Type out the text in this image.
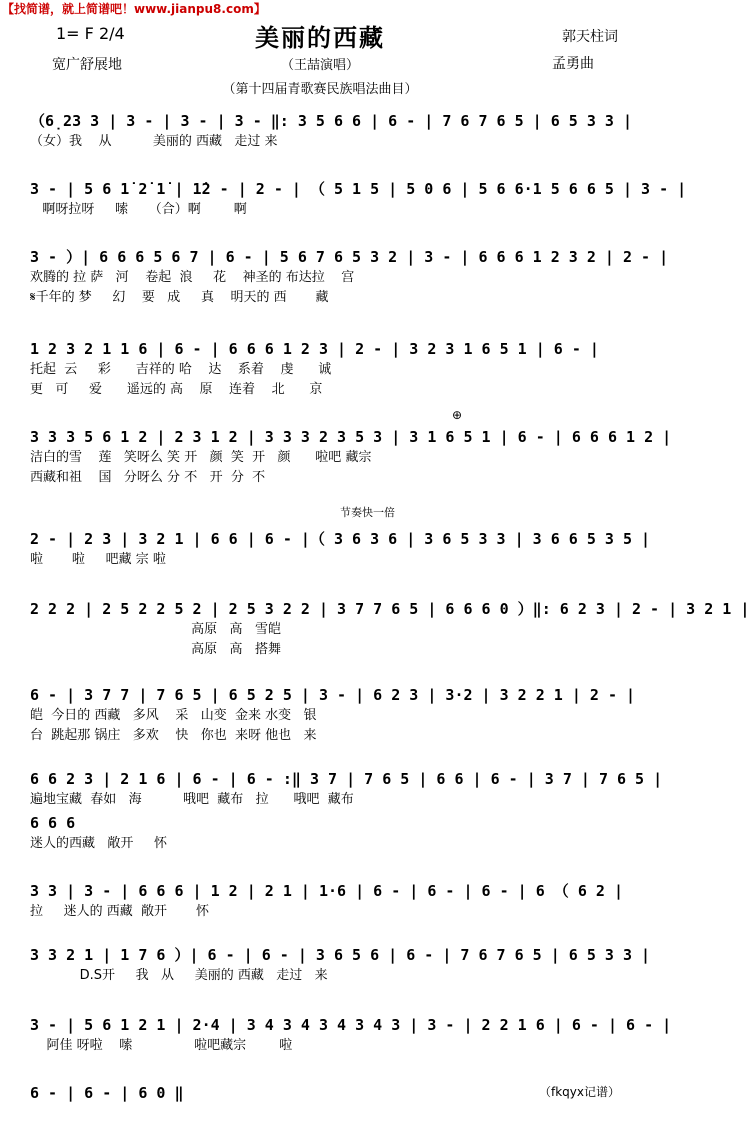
【找简谱，就上简谱吧！www.jianpu8.com】
美丽的西藏
1= F 2/4
宽广舒展地
郭天柱词
孟勇曲
（王喆演唱）
（第十四届青歌赛民族唱法曲目）
（6̣23 3 | 3 - | 3 - | 3 - ‖: 3 5 6 6 | 6 - | 7 6 7 6 5 | 6 5 3 3 |
（女）我    从          美丽的 西藏   走过 来
3 - | 5 6 1̇ 2̇ 1̇ | 1̇2 - | 2 - | （ 5 1 5 | 5 0 6 | 5 6 6·1 5 6 6 5 | 3 - |
啊呀拉呀     嗦     （合）啊        啊
3 - ）| 6 6 6 5 6 7 | 6 - | 5 6 7 6 5 3 2 | 3 - | 6 6 6 1 2 3 2 | 2 - |
欢腾的 拉 萨   河    卷起  浪     花    神圣的 布达拉    宫
𝄋千年的 梦     幻    要   成     真    明天的 西       藏
1 2 3 2 1 1 6 | 6 - | 6 6 6 1 2 3 | 2 - | 3 2 3 1 6 5 1 | 6 - |
托起  云     彩      吉祥的 哈    达    系着    虔      诚
更   可     爱      遥远的 高    原    连着    北      京
⊕
3 3 3 5 6 1 2 | 2 3 1 2 | 3 3 3 2 3 5 3 | 3 1 6 5 1 | 6 - | 6 6 6 1 2 |
洁白的雪    莲   笑呀么 笑 开   颜  笑  开   颜      啦吧 藏宗
西藏和祖    国   分呀么 分 不   开  分  不
节奏快一倍
2 - | 2 3 | 3 2 1 | 6 6 | 6 - |（ 3 6 3 6 | 3 6 5 3 3 | 3 6 6 5 3 5 |
啦       啦     吧藏 宗 啦
2 2 2 | 2 5 2 2 5 2 | 2 5 3 2 2 | 3 7 7 6 5 | 6 6 6 0 ）‖: 6 2 3 | 2 - | 3 2 1 |
高原   高   雪皑
高原   高   搭舞
6 - | 3 7 7 | 7 6 5 | 6 5 2 5 | 3 - | 6 2 3 | 3·2 | 3 2 2 1 | 2 - |
皑  今日的 西藏   多风    采   山变  金来 水变   银
台  跳起那 锅庄   多欢    快   你也  来呀 他也   来
6 6 2 3 | 2 1 6 | 6 - | 6 - :‖ 3 7 | 7 6 5 | 6 6 | 6 - | 3 7 | 7 6 5 |
遍地宝藏  春如   海          哦吧  藏布   拉      哦吧  藏布
6 6 6
迷人的西藏   敞开     怀
3 3 | 3 - | 6 6 6 | 1 2 | 2 1 | 1·6 | 6 - | 6 - | 6 - | 6 （ 6 2 |
拉     迷人的 西藏  敞开       怀
3 3 2 1 | 1 7 6 ）| 6 - | 6 - | 3 6 5 6 | 6 - | 7 6 7 6 5 | 6 5 3 3 |
D.S开     我   从     美丽的 西藏   走过   来
3 - | 5 6 1 2 1 | 2·4 | 3 4 3 4 3 4 3 4 3 | 3 - | 2 2 1 6 | 6 - | 6 - |
阿佳 呀啦    嗦               啦吧藏宗        啦
6 - | 6 - | 6 0 ‖	（fkqyx记谱）
